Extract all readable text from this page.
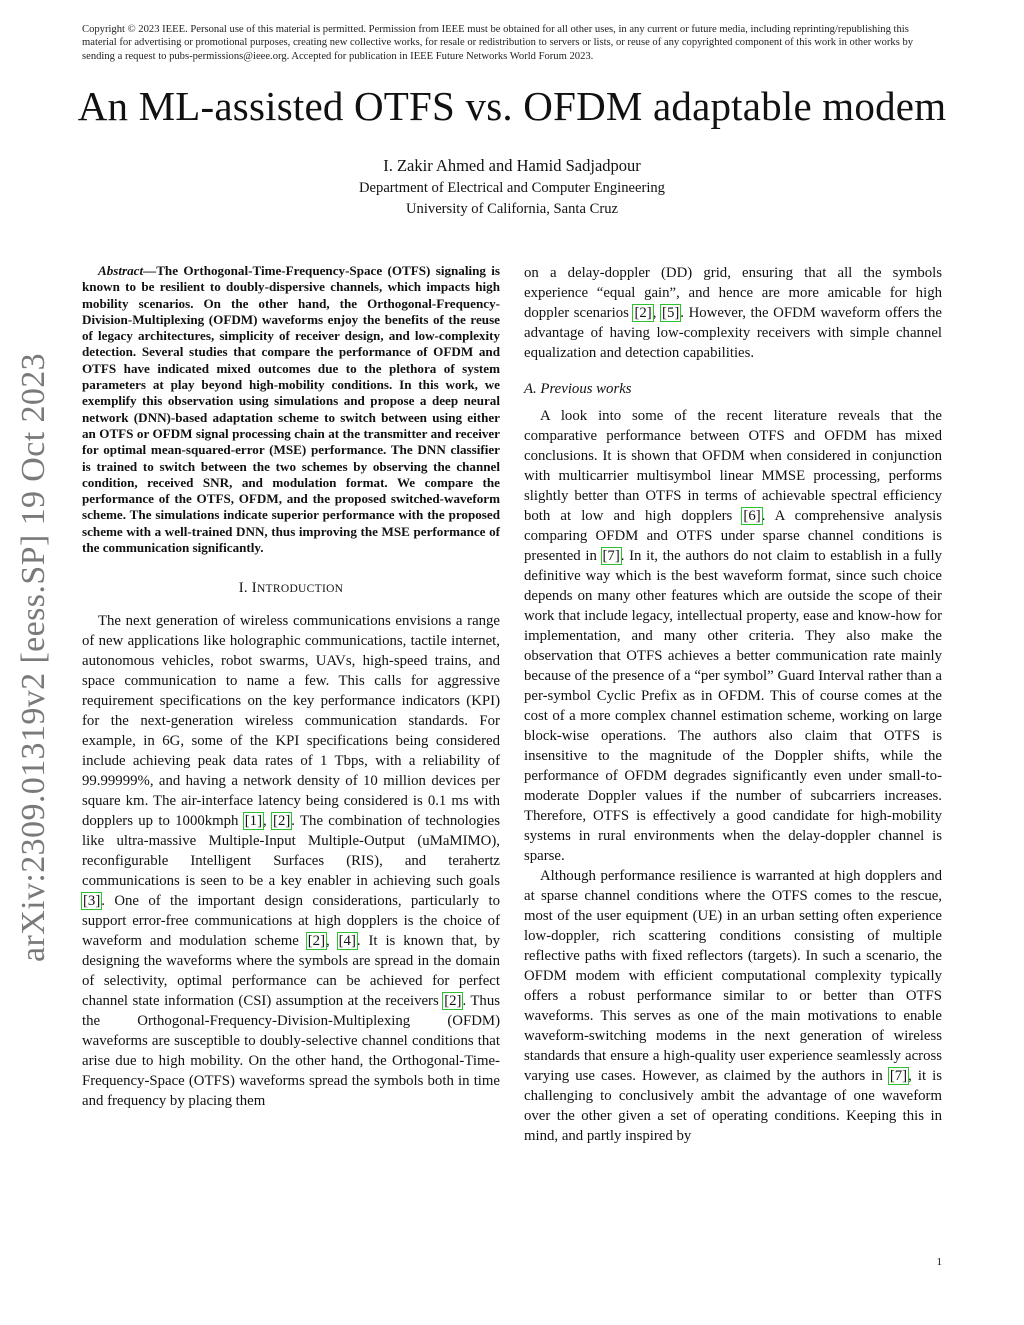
Copyright © 2023 IEEE. Personal use of this material is permitted. Permission from IEEE must be obtained for all other uses, in any current or future media, including reprinting/republishing this material for advertising or promotional purposes, creating new collective works, for resale or redistribution to servers or lists, or reuse of any copyrighted component of this work in other works by sending a request to pubs-permissions@ieee.org. Accepted for publication in IEEE Future Networks World Forum 2023.
An ML-assisted OTFS vs. OFDM adaptable modem
I. Zakir Ahmed and Hamid Sadjadpour
Department of Electrical and Computer Engineering
University of California, Santa Cruz
arXiv:2309.01319v2 [eess.SP] 19 Oct 2023

Abstract—The Orthogonal-Time-Frequency-Space (OTFS) signaling is known to be resilient to doubly-dispersive channels, which impacts high mobility scenarios. On the other hand, the Orthogonal-Frequency-Division-Multiplexing (OFDM) waveforms enjoy the benefits of the reuse of legacy architectures, simplicity of receiver design, and low-complexity detection. Several studies that compare the performance of OFDM and OTFS have indicated mixed outcomes due to the plethora of system parameters at play beyond high-mobility conditions. In this work, we exemplify this observation using simulations and propose a deep neural network (DNN)-based adaptation scheme to switch between using either an OTFS or OFDM signal processing chain at the transmitter and receiver for optimal mean-squared-error (MSE) performance. The DNN classifier is trained to switch between the two schemes by observing the channel condition, received SNR, and modulation format. We compare the performance of the OTFS, OFDM, and the proposed switched-waveform scheme. The simulations indicate superior performance with the proposed scheme with a well-trained DNN, thus improving the MSE performance of the communication significantly.

I. INTRODUCTION

The next generation of wireless communications envisions a range of new applications like holographic communications, tactile internet, autonomous vehicles, robot swarms, UAVs, high-speed trains, and space communication to name a few. This calls for aggressive requirement specifications on the key performance indicators (KPI) for the next-generation wireless communication standards. For example, in 6G, some of the KPI specifications being considered include achieving peak data rates of 1 Tbps, with a reliability of 99.99999%, and having a network density of 10 million devices per square km. The air-interface latency being considered is 0.1 ms with dopplers up to 1000kmph [1], [2]. The combination of technologies like ultra-massive Multiple-Input Multiple-Output (uMaMIMO), reconfigurable Intelligent Surfaces (RIS), and terahertz communications is seen to be a key enabler in achieving such goals [3]. One of the important design considerations, particularly to support error-free communications at high dopplers is the choice of waveform and modulation scheme [2], [4]. It is known that, by designing the waveforms where the symbols are spread in the domain of selectivity, optimal performance can be achieved for perfect channel state information (CSI) assumption at the receivers [2]. Thus the Orthogonal-Frequency-Division-Multiplexing (OFDM) waveforms are susceptible to doubly-selective channel conditions that arise due to high mobility. On the other hand, the Orthogonal-Time-Frequency-Space (OTFS) waveforms spread the symbols both in time and frequency by placing them

on a delay-doppler (DD) grid, ensuring that all the symbols experience “equal gain”, and hence are more amicable for high doppler scenarios [2], [5]. However, the OFDM waveform offers the advantage of having low-complexity receivers with simple channel equalization and detection capabilities.

A. Previous works

A look into some of the recent literature reveals that the comparative performance between OTFS and OFDM has mixed conclusions. It is shown that OFDM when considered in conjunction with multicarrier multisymbol linear MMSE processing, performs slightly better than OTFS in terms of achievable spectral efficiency both at low and high dopplers [6]. A comprehensive analysis comparing OFDM and OTFS under sparse channel conditions is presented in [7]. In it, the authors do not claim to establish in a fully definitive way which is the best waveform format, since such choice depends on many other features which are outside the scope of their work that include legacy, intellectual property, ease and know-how for implementation, and many other criteria. They also make the observation that OTFS achieves a better communication rate mainly because of the presence of a “per symbol” Guard Interval rather than a per-symbol Cyclic Prefix as in OFDM. This of course comes at the cost of a more complex channel estimation scheme, working on large block-wise operations. The authors also claim that OTFS is insensitive to the magnitude of the Doppler shifts, while the performance of OFDM degrades significantly even under small-to-moderate Doppler values if the number of subcarriers increases. Therefore, OTFS is effectively a good candidate for high-mobility systems in rural environments when the delay-doppler channel is sparse.

Although performance resilience is warranted at high dopplers and at sparse channel conditions where the OTFS comes to the rescue, most of the user equipment (UE) in an urban setting often experience low-doppler, rich scattering conditions consisting of multiple reflective paths with fixed reflectors (targets). In such a scenario, the OFDM modem with efficient computational complexity typically offers a robust performance similar to or better than OTFS waveforms. This serves as one of the main motivations to enable waveform-switching modems in the next generation of wireless standards that ensure a high-quality user experience seamlessly across varying use cases. However, as claimed by the authors in [7], it is challenging to conclusively ambit the advantage of one waveform over the other given a set of operating conditions. Keeping this in mind, and partly inspired by

1
